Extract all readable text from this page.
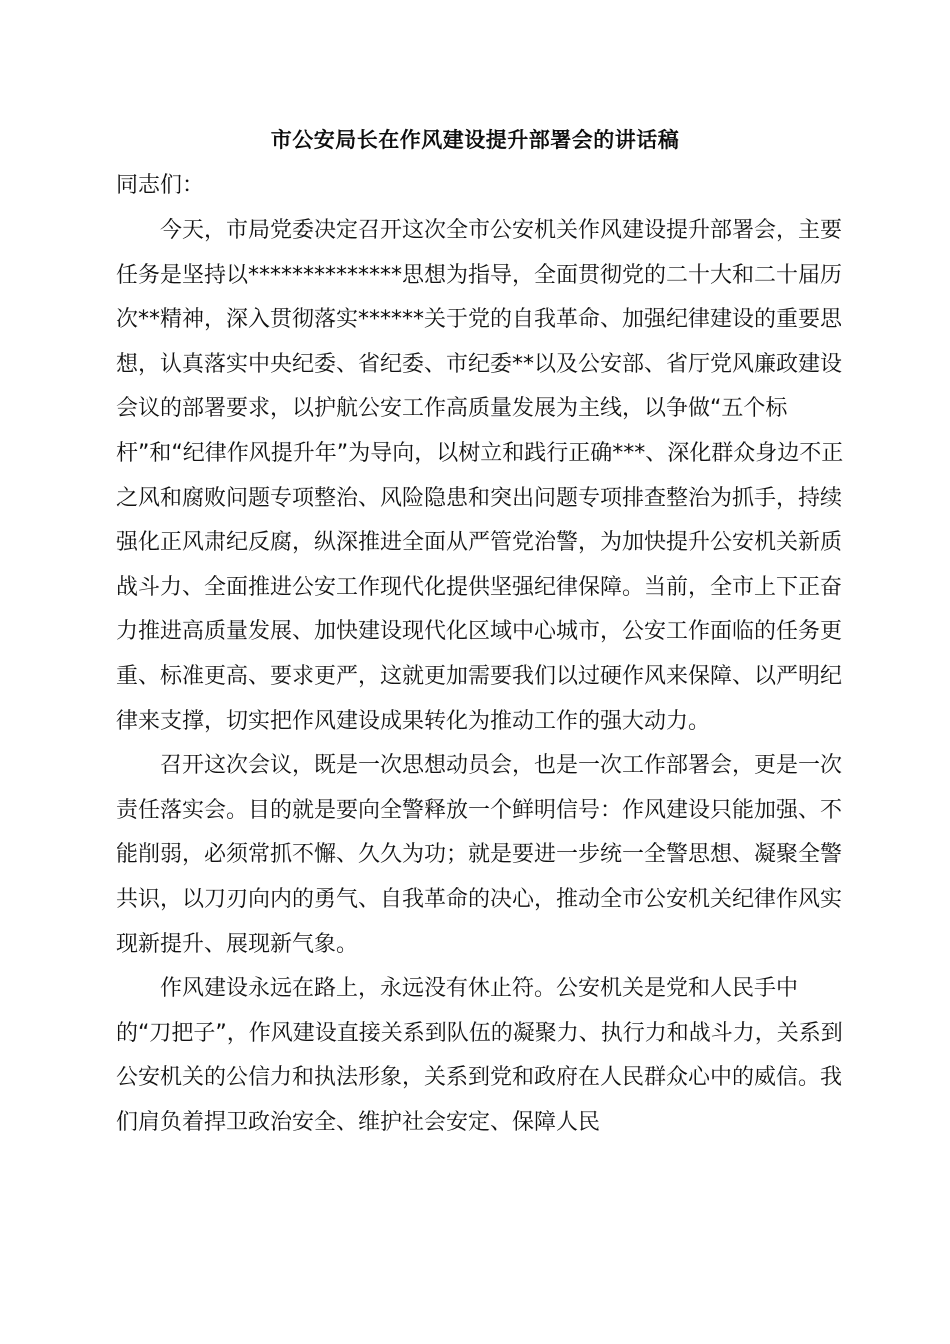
市公安局长在作风建设提升部署会的讲话稿
同志们：

今天，市局党委决定召开这次全市公安机关作风建设提升部署会，主要任务是坚持以**************思想为指导，全面贯彻党的二十大和二十届历次**精神，深入贯彻落实******关于党的自我革命、加强纪律建设的重要思想，认真落实中央纪委、省纪委、市纪委**以及公安部、省厅党风廉政建设会议的部署要求，以护航公安工作高质量发展为主线，以争做“五个标杆”和“纪律作风提升年”为导向，以树立和践行正确***、深化群众身边不正之风和腐败问题专项整治、风险隐患和突出问题专项排查整治为抓手，持续强化正风肃纪反腐，纵深推进全面从严管党治警，为加快提升公安机关新质战斗力、全面推进公安工作现代化提供坚强纪律保障。当前，全市上下正奋力推进高质量发展、加快建设现代化区域中心城市，公安工作面临的任务更重、标准更高、要求更严，这就更加需要我们以过硬作风来保障、以严明纪律来支撑，切实把作风建设成果转化为推动工作的强大动力。

召开这次会议，既是一次思想动员会，也是一次工作部署会，更是一次责任落实会。目的就是要向全警释放一个鲜明信号：作风建设只能加强、不能削弱，必须常抓不懈、久久为功；就是要进一步统一全警思想、凝聚全警共识，以刀刃向内的勇气、自我革命的决心，推动全市公安机关纪律作风实现新提升、展现新气象。

作风建设永远在路上，永远没有休止符。公安机关是党和人民手中的“刀把子”，作风建设直接关系到队伍的凝聚力、执行力和战斗力，关系到公安机关的公信力和执法形象，关系到党和政府在人民群众心中的威信。我们肩负着捍卫政治安全、维护社会安定、保障人民
